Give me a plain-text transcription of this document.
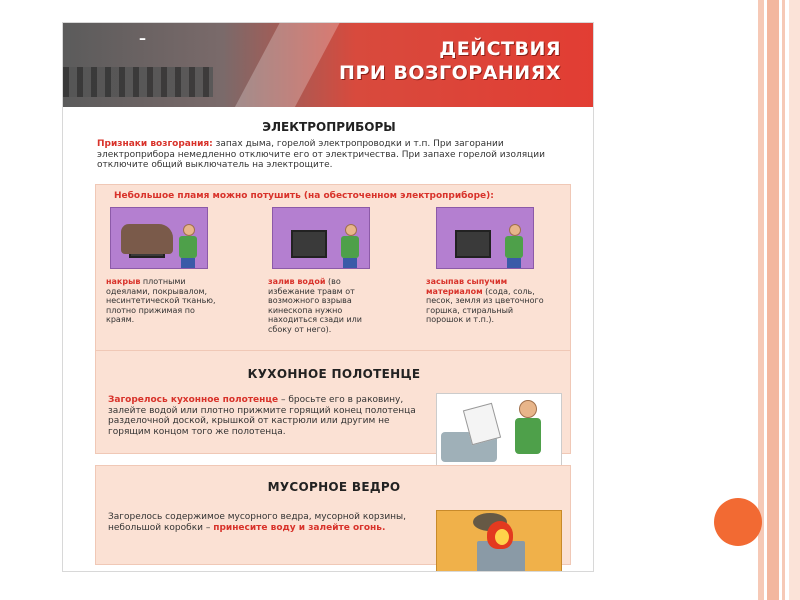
–	ДЕЙСТВИЯ
ПРИ ВОЗГОРАНИЯХ
ЭЛЕКТРОПРИБОРЫ
Признаки возгорания: запах дыма, горелой электропроводки и т.п. При загорании электроприбора немедленно отключите его от электричества. При запахе горелой изоляции отключите общий выключатель на электрощите.
Небольшое пламя можно потушить (на обесточенном электроприборе):
накрыв плотными одеялами, покрывалом, несинтетической тканью, плотно прижимая по краям.
залив водой (во избежание травм от возможного взрыва кинескопа нужно находиться сзади или сбоку от него).
засыпав сыпучим материалом (сода, соль, песок, земля из цветочного горшка, стиральный порошок и т.п.).
КУХОННОЕ ПОЛОТЕНЦЕ
Загорелось кухонное полотенце – бросьте его в раковину, залейте водой или плотно прижмите горящий конец полотенца разделочной доской, крышкой от кастрюли или другим не горящим концом того же полотенца.
МУСОРНОЕ ВЕДРО
Загорелось содержимое мусорного ведра, мусорной корзины, небольшой коробки – принесите воду и залейте огонь.
